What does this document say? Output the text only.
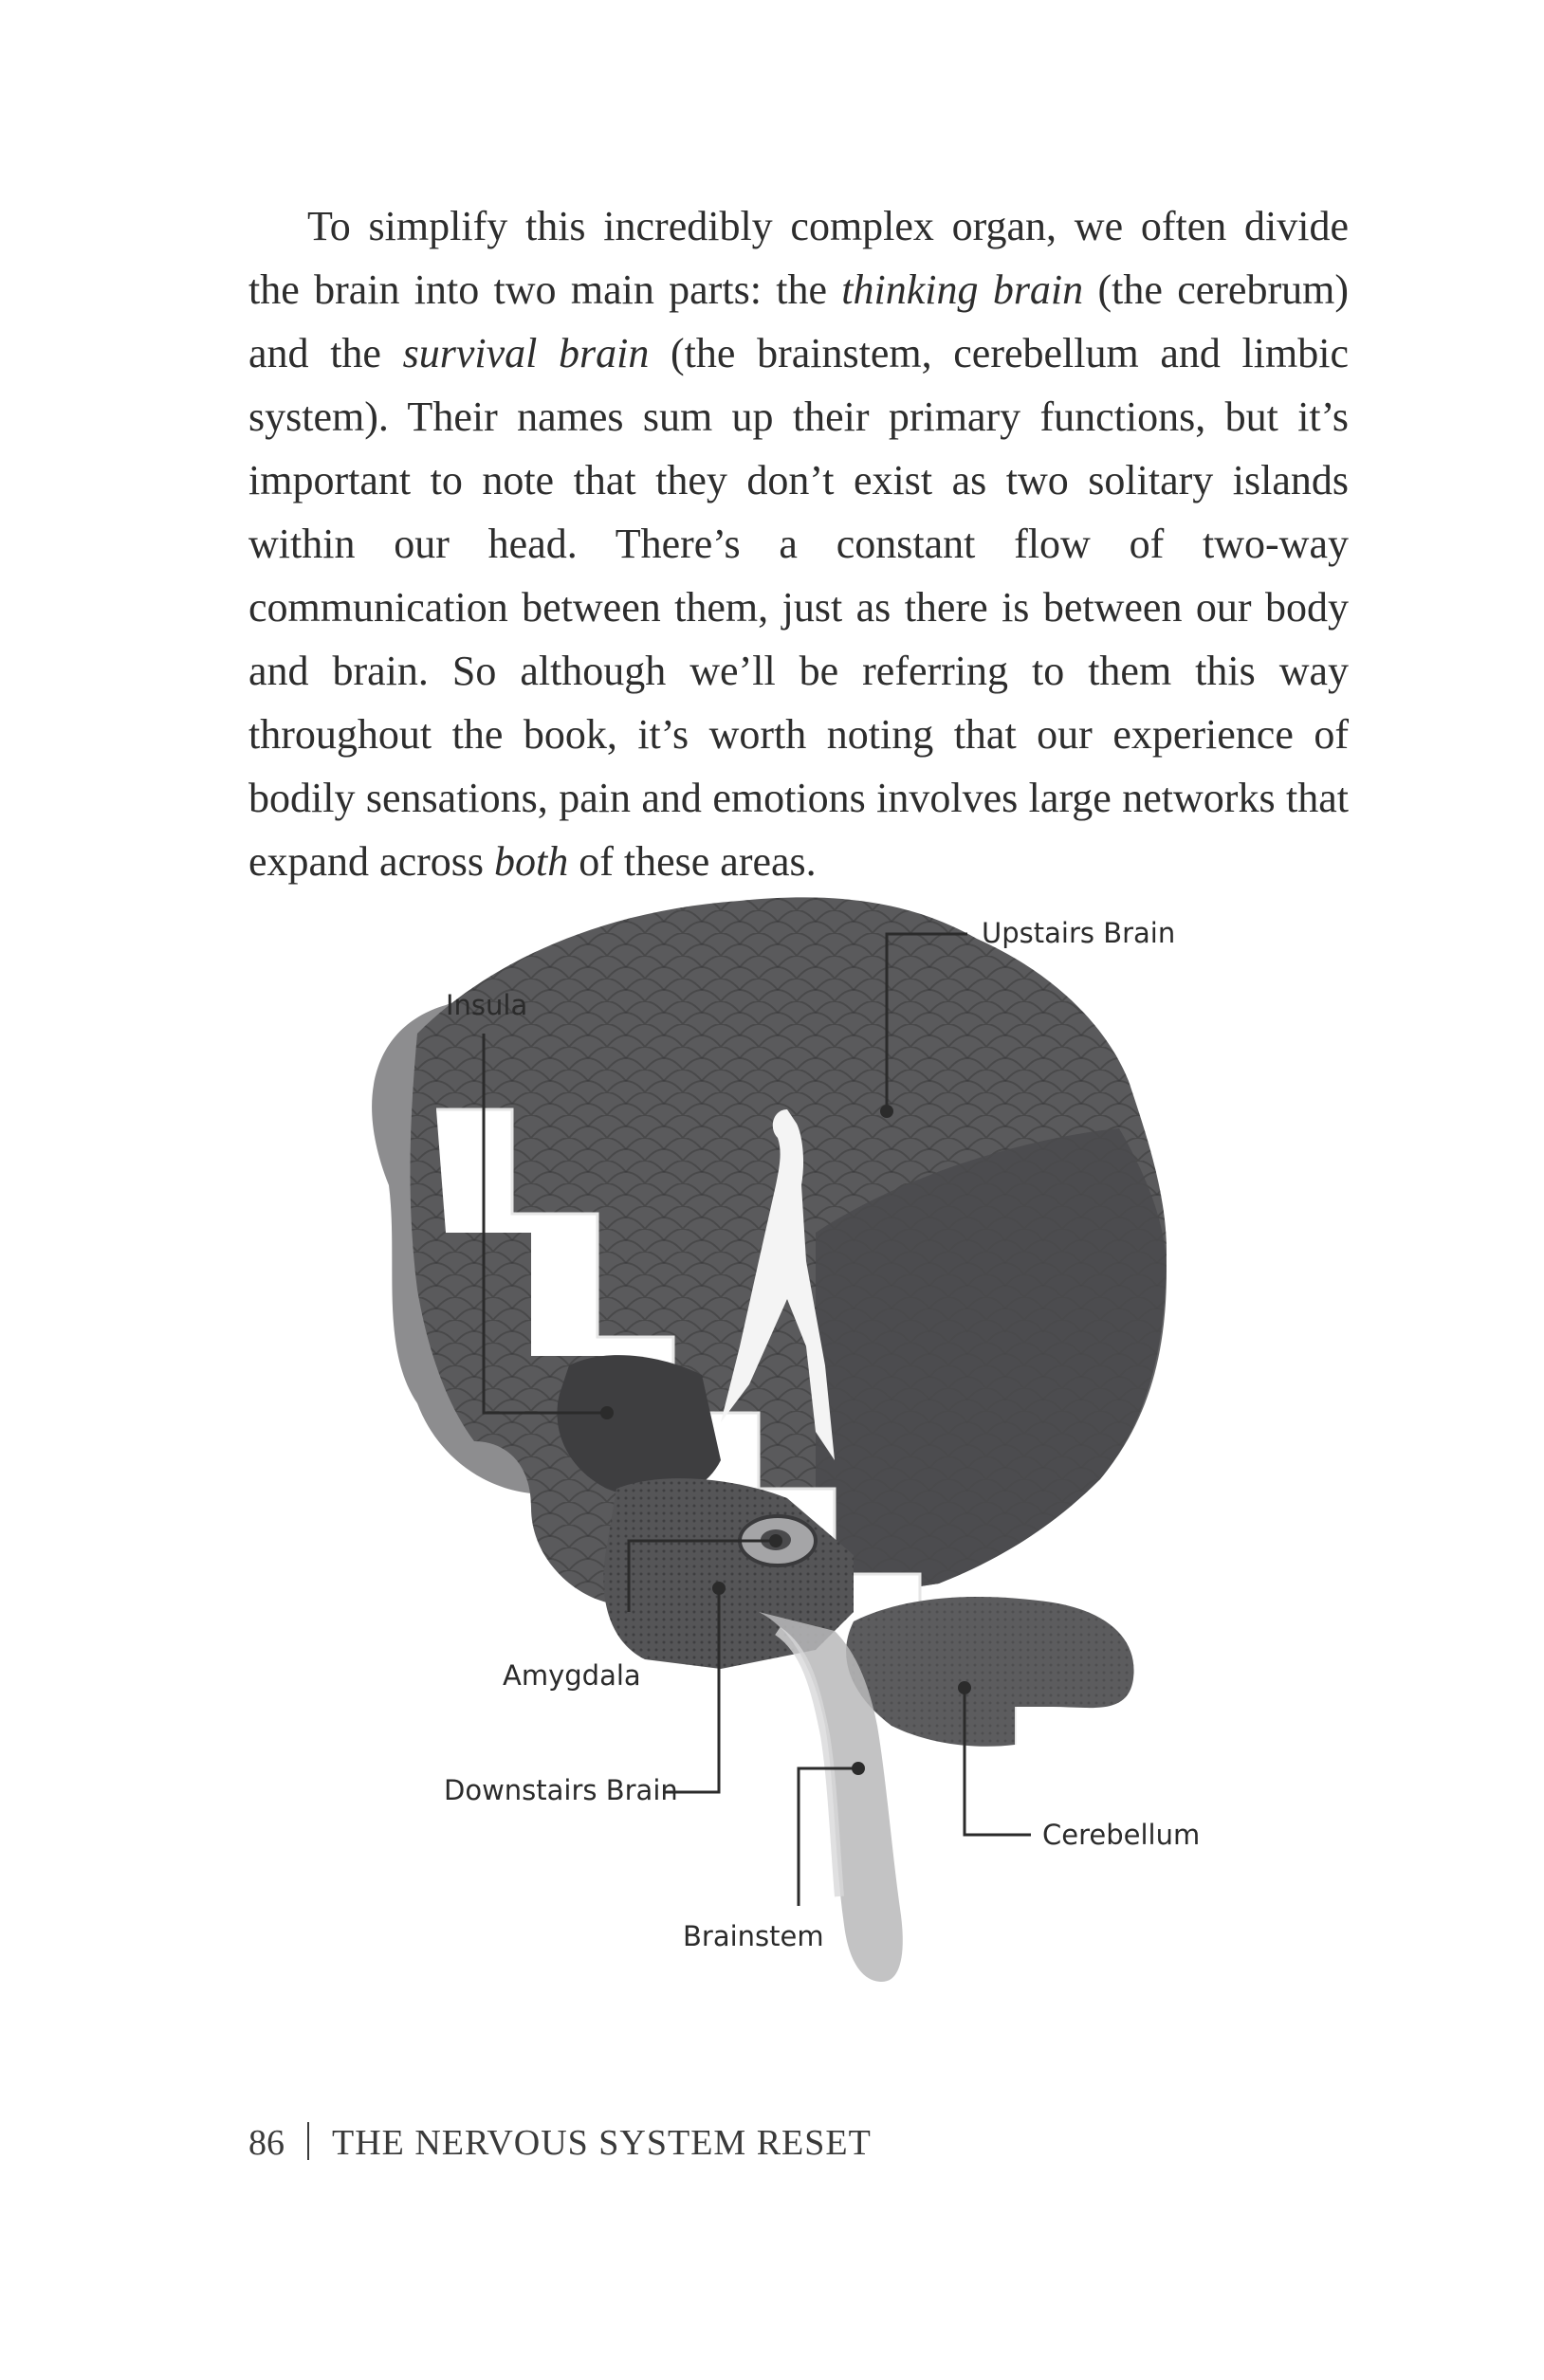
To simplify this incredibly complex organ, we often divide the brain into two main parts: the thinking brain (the cerebrum) and the survival brain (the brainstem, cerebellum and limbic system). Their names sum up their primary functions, but it’s important to note that they don’t exist as two solitary islands within our head. There’s a constant flow of two-way communication between them, just as there is between our body and brain. So although we’ll be referring to them this way throughout the book, it’s worth noting that our experience of bodily sensations, pain and emotions involves large networks that expand across both of these areas.

Upstairs Brain
Insula
Amygdala
Downstairs Brain
Cerebellum
Brainstem
86 THE NERVOUS SYSTEM RESET
